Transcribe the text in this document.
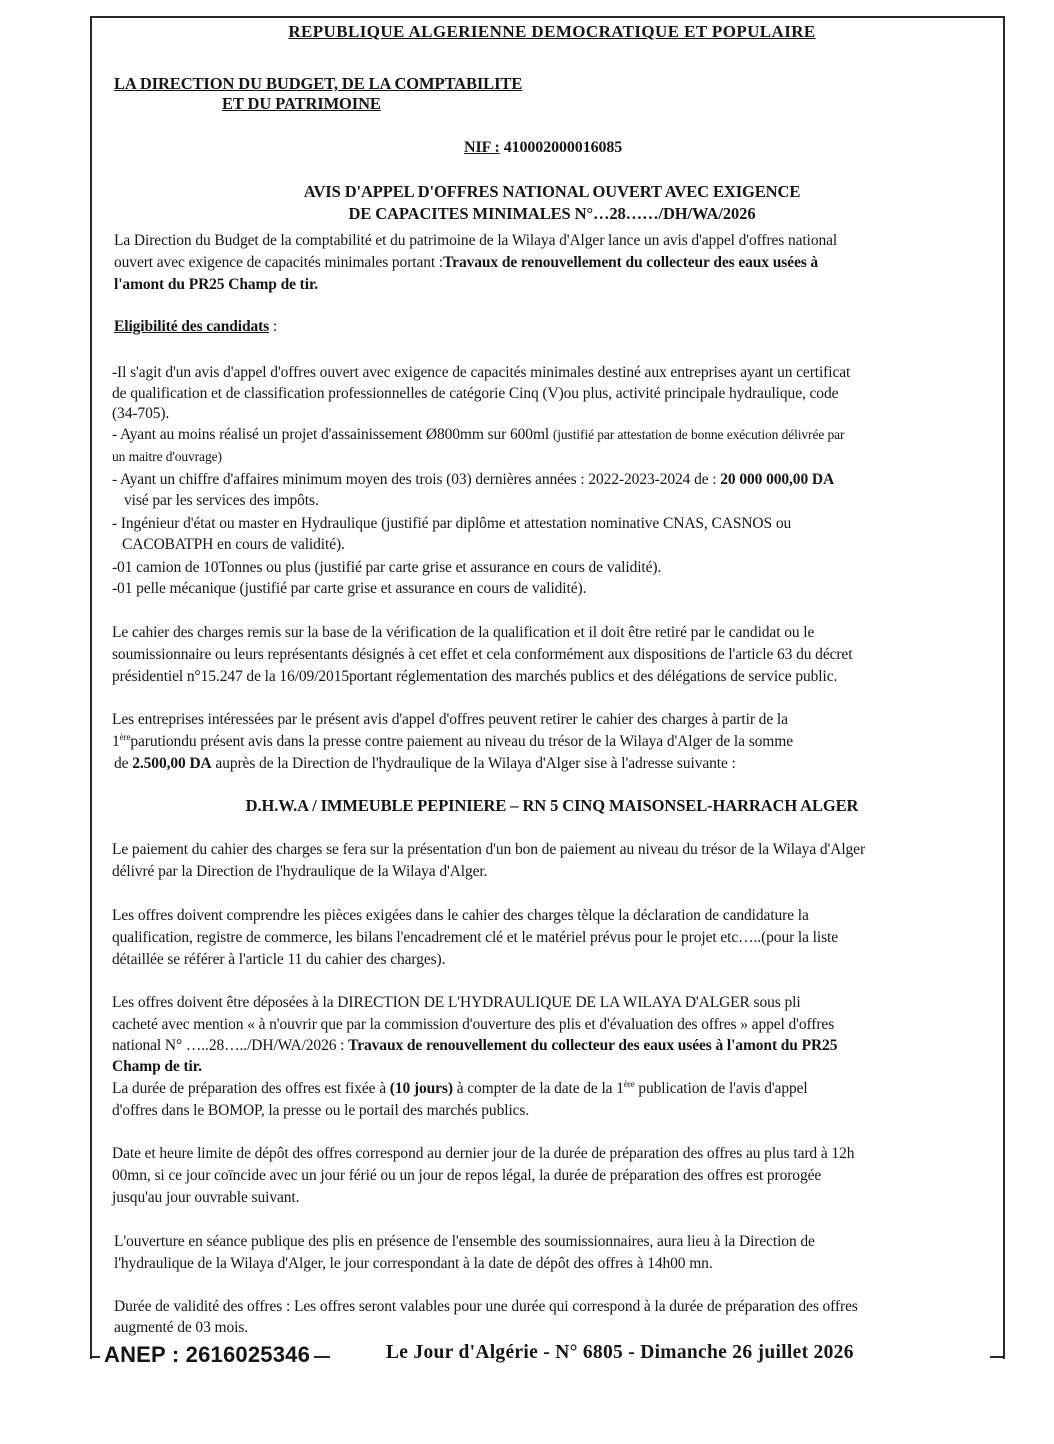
REPUBLIQUE ALGERIENNE DEMOCRATIQUE ET POPULAIRE
LA DIRECTION DU BUDGET, DE LA COMPTABILITE
ET DU PATRIMOINE
NIF : 410002000016085
AVIS D'APPEL D'OFFRES NATIONAL OUVERT AVEC EXIGENCE
DE CAPACITES MINIMALES N°…28……/DH/WA/2026
La Direction du Budget de la comptabilité et du patrimoine de la Wilaya d'Alger lance un avis d'appel d'offres national
ouvert avec exigence de capacités minimales portant :Travaux de renouvellement du collecteur des eaux usées à
l'amont du PR25 Champ de tir.
Eligibilité des candidats :
-Il s'agit d'un avis d'appel d'offres ouvert avec exigence de capacités minimales destiné aux entreprises ayant un certificat
de qualification et de classification professionnelles de catégorie Cinq (V)ou plus, activité principale hydraulique, code
(34-705).
- Ayant au moins réalisé un projet d'assainissement Ø800mm sur 600ml (justifié par attestation de bonne exécution délivrée par
un maitre d'ouvrage)
- Ayant un chiffre d'affaires minimum moyen des trois (03) dernières années : 2022-2023-2024 de : 20 000 000,00 DA
visé par les services des impôts.
- Ingénieur d'état ou master en Hydraulique (justifié par diplôme et attestation nominative CNAS, CASNOS ou
CACOBATPH en cours de validité).
-01 camion de 10Tonnes ou plus (justifié par carte grise et assurance en cours de validité).
-01 pelle mécanique (justifié par carte grise et assurance en cours de validité).
Le cahier des charges remis sur la base de la vérification de la qualification et il doit être retiré par le candidat ou le
soumissionnaire ou leurs représentants désignés à cet effet et cela conformément aux dispositions de l'article 63 du décret
présidentiel n°15.247 de la 16/09/2015portant réglementation des marchés publics et des délégations de service public.
Les entreprises intéressées par le présent avis d'appel d'offres peuvent retirer le cahier des charges à partir de la
1èreparutiondu présent avis dans la presse contre paiement au niveau du trésor de la Wilaya d'Alger de la somme
de 2.500,00 DA auprès de la Direction de l'hydraulique de la Wilaya d'Alger sise à l'adresse suivante :
D.H.W.A / IMMEUBLE PEPINIERE – RN 5 CINQ MAISONSEL-HARRACH ALGER
Le paiement du cahier des charges se fera sur la présentation d'un bon de paiement au niveau du trésor de la Wilaya d'Alger
délivré par la Direction de l'hydraulique de la Wilaya d'Alger.
Les offres doivent comprendre les pièces exigées dans le cahier des charges tèlque la déclaration de candidature la
qualification, registre de commerce, les bilans l'encadrement clé et le matériel prévus pour le projet etc…..(pour la liste
détaillée se référer à l'article 11 du cahier des charges).
Les offres doivent être déposées à la DIRECTION DE L'HYDRAULIQUE DE LA WILAYA D'ALGER sous pli
cacheté avec mention « à n'ouvrir que par la commission d'ouverture des plis et d'évaluation des offres » appel d'offres
national N° …..28…../DH/WA/2026 : Travaux de renouvellement du collecteur des eaux usées à l'amont du PR25
Champ de tir.
La durée de préparation des offres est fixée à (10 jours) à compter de la date de la 1ère publication de l'avis d'appel
d'offres dans le BOMOP, la presse ou le portail des marchés publics.
Date et heure limite de dépôt des offres correspond au dernier jour de la durée de préparation des offres au plus tard à 12h
00mn, si ce jour coïncide avec un jour férié ou un jour de repos légal, la durée de préparation des offres est prorogée
jusqu'au jour ouvrable suivant.
L'ouverture en séance publique des plis en présence de l'ensemble des soumissionnaires, aura lieu à la Direction de
l'hydraulique de la Wilaya d'Alger, le jour correspondant à la date de dépôt des offres à 14h00 mn.
Durée de validité des offres : Les offres seront valables pour une durée qui correspond à la durée de préparation des offres
augmenté de 03 mois.
ANEP : 2616025346	Le Jour d'Algérie - N° 6805 - Dimanche 26 juillet 2026
